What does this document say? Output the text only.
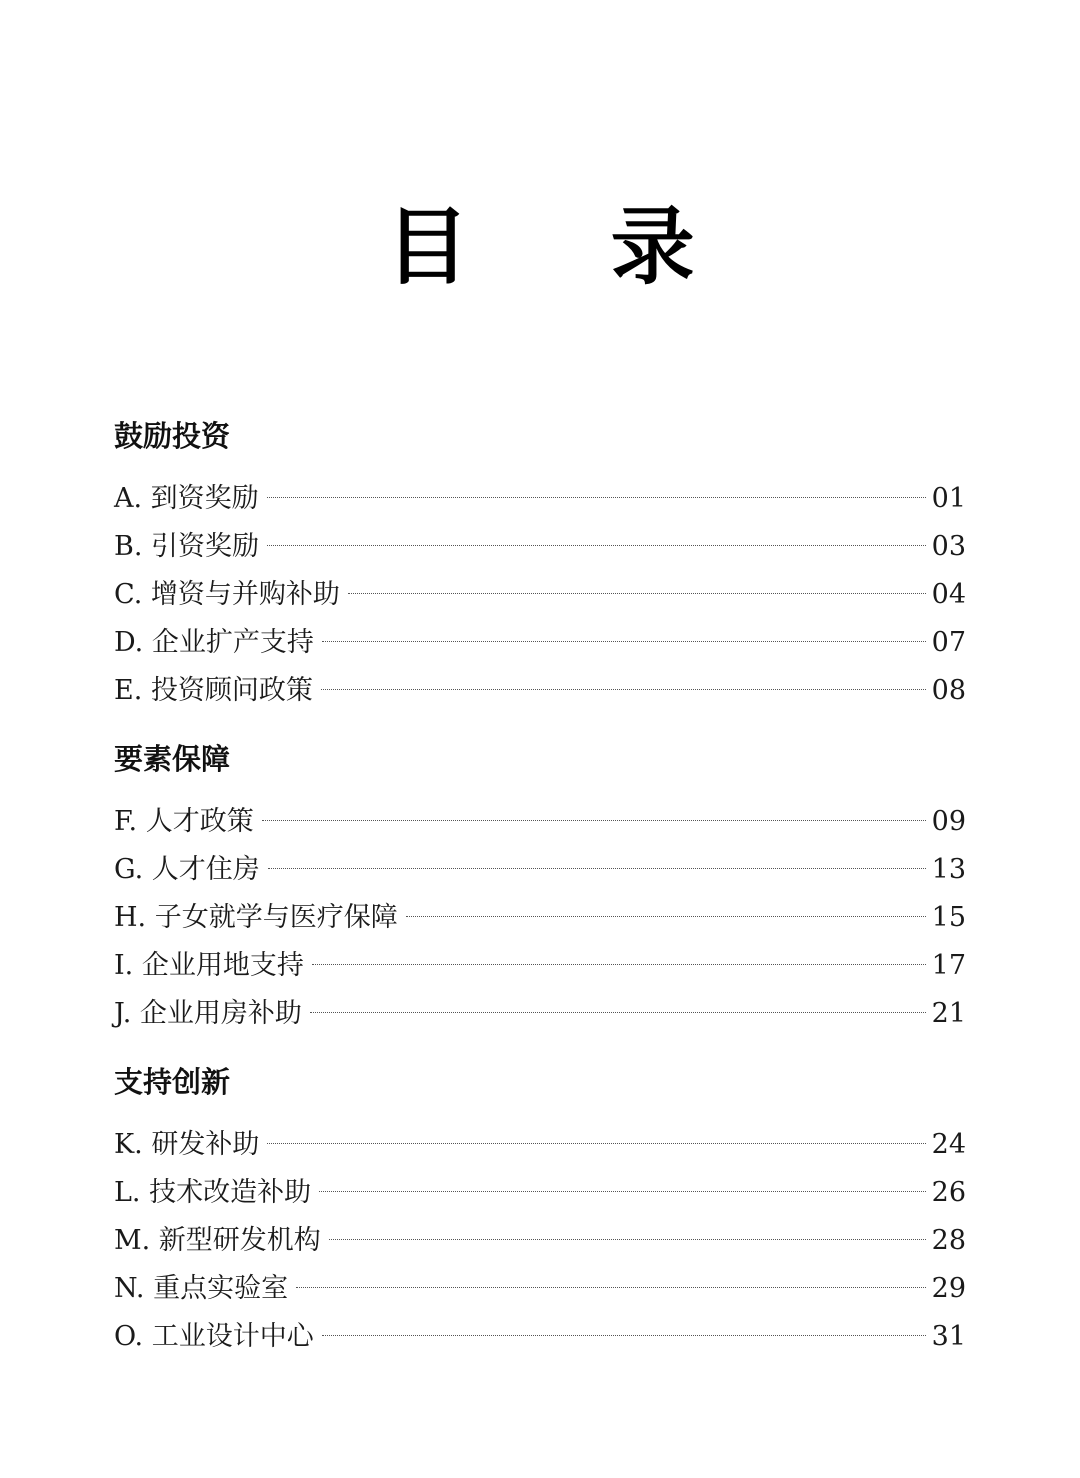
目 录
鼓励投资
A. 到资奖励	01
B. 引资奖励	03
C. 增资与并购补助	04
D. 企业扩产支持	07
E. 投资顾问政策	08
要素保障
F. 人才政策	09
G. 人才住房	13
H. 子女就学与医疗保障	15
I. 企业用地支持	17
J. 企业用房补助	21
支持创新
K. 研发补助	24
L. 技术改造补助	26
M. 新型研发机构	28
N. 重点实验室	29
O. 工业设计中心	31
